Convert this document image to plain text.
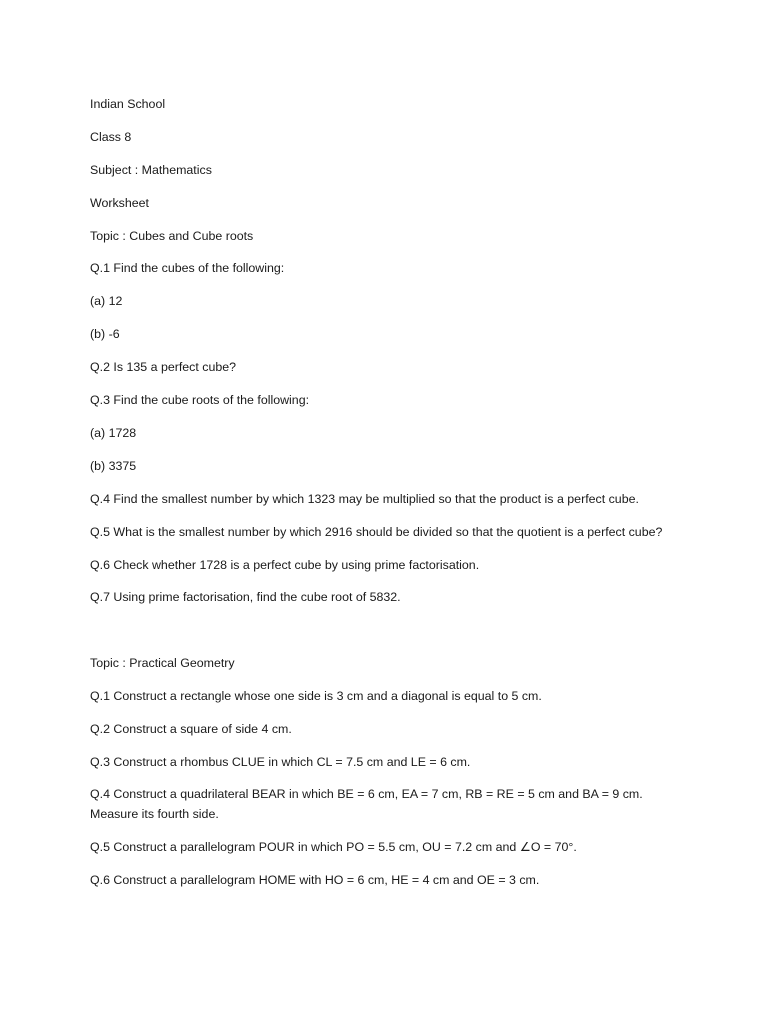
Indian School

Class 8

Subject : Mathematics

Worksheet

Topic : Cubes and Cube roots

Q.1 Find the cubes of the following:

(a) 12

(b) -6

Q.2 Is 135 a perfect cube?

Q.3 Find the cube roots of the following:

(a) 1728

(b) 3375

Q.4 Find the smallest number by which 1323 may be multiplied so that the product is a perfect cube.

Q.5 What is the smallest number by which 2916 should be divided so that the quotient is a perfect cube?

Q.6 Check whether 1728 is a perfect cube by using prime factorisation.

Q.7 Using prime factorisation, find the cube root of 5832.

Topic : Practical Geometry

Q.1 Construct a rectangle whose one side is 3 cm and a diagonal is equal to 5 cm.

Q.2 Construct a square of side 4 cm.

Q.3 Construct a rhombus CLUE in which CL = 7.5 cm and LE = 6 cm.

Q.4 Construct a quadrilateral BEAR in which BE = 6 cm, EA = 7 cm, RB = RE = 5 cm and BA = 9 cm. Measure its fourth side.

Q.5 Construct a parallelogram POUR in which PO = 5.5 cm, OU = 7.2 cm and ∠O = 70°.

Q.6 Construct a parallelogram HOME with HO = 6 cm, HE = 4 cm and OE = 3 cm.
